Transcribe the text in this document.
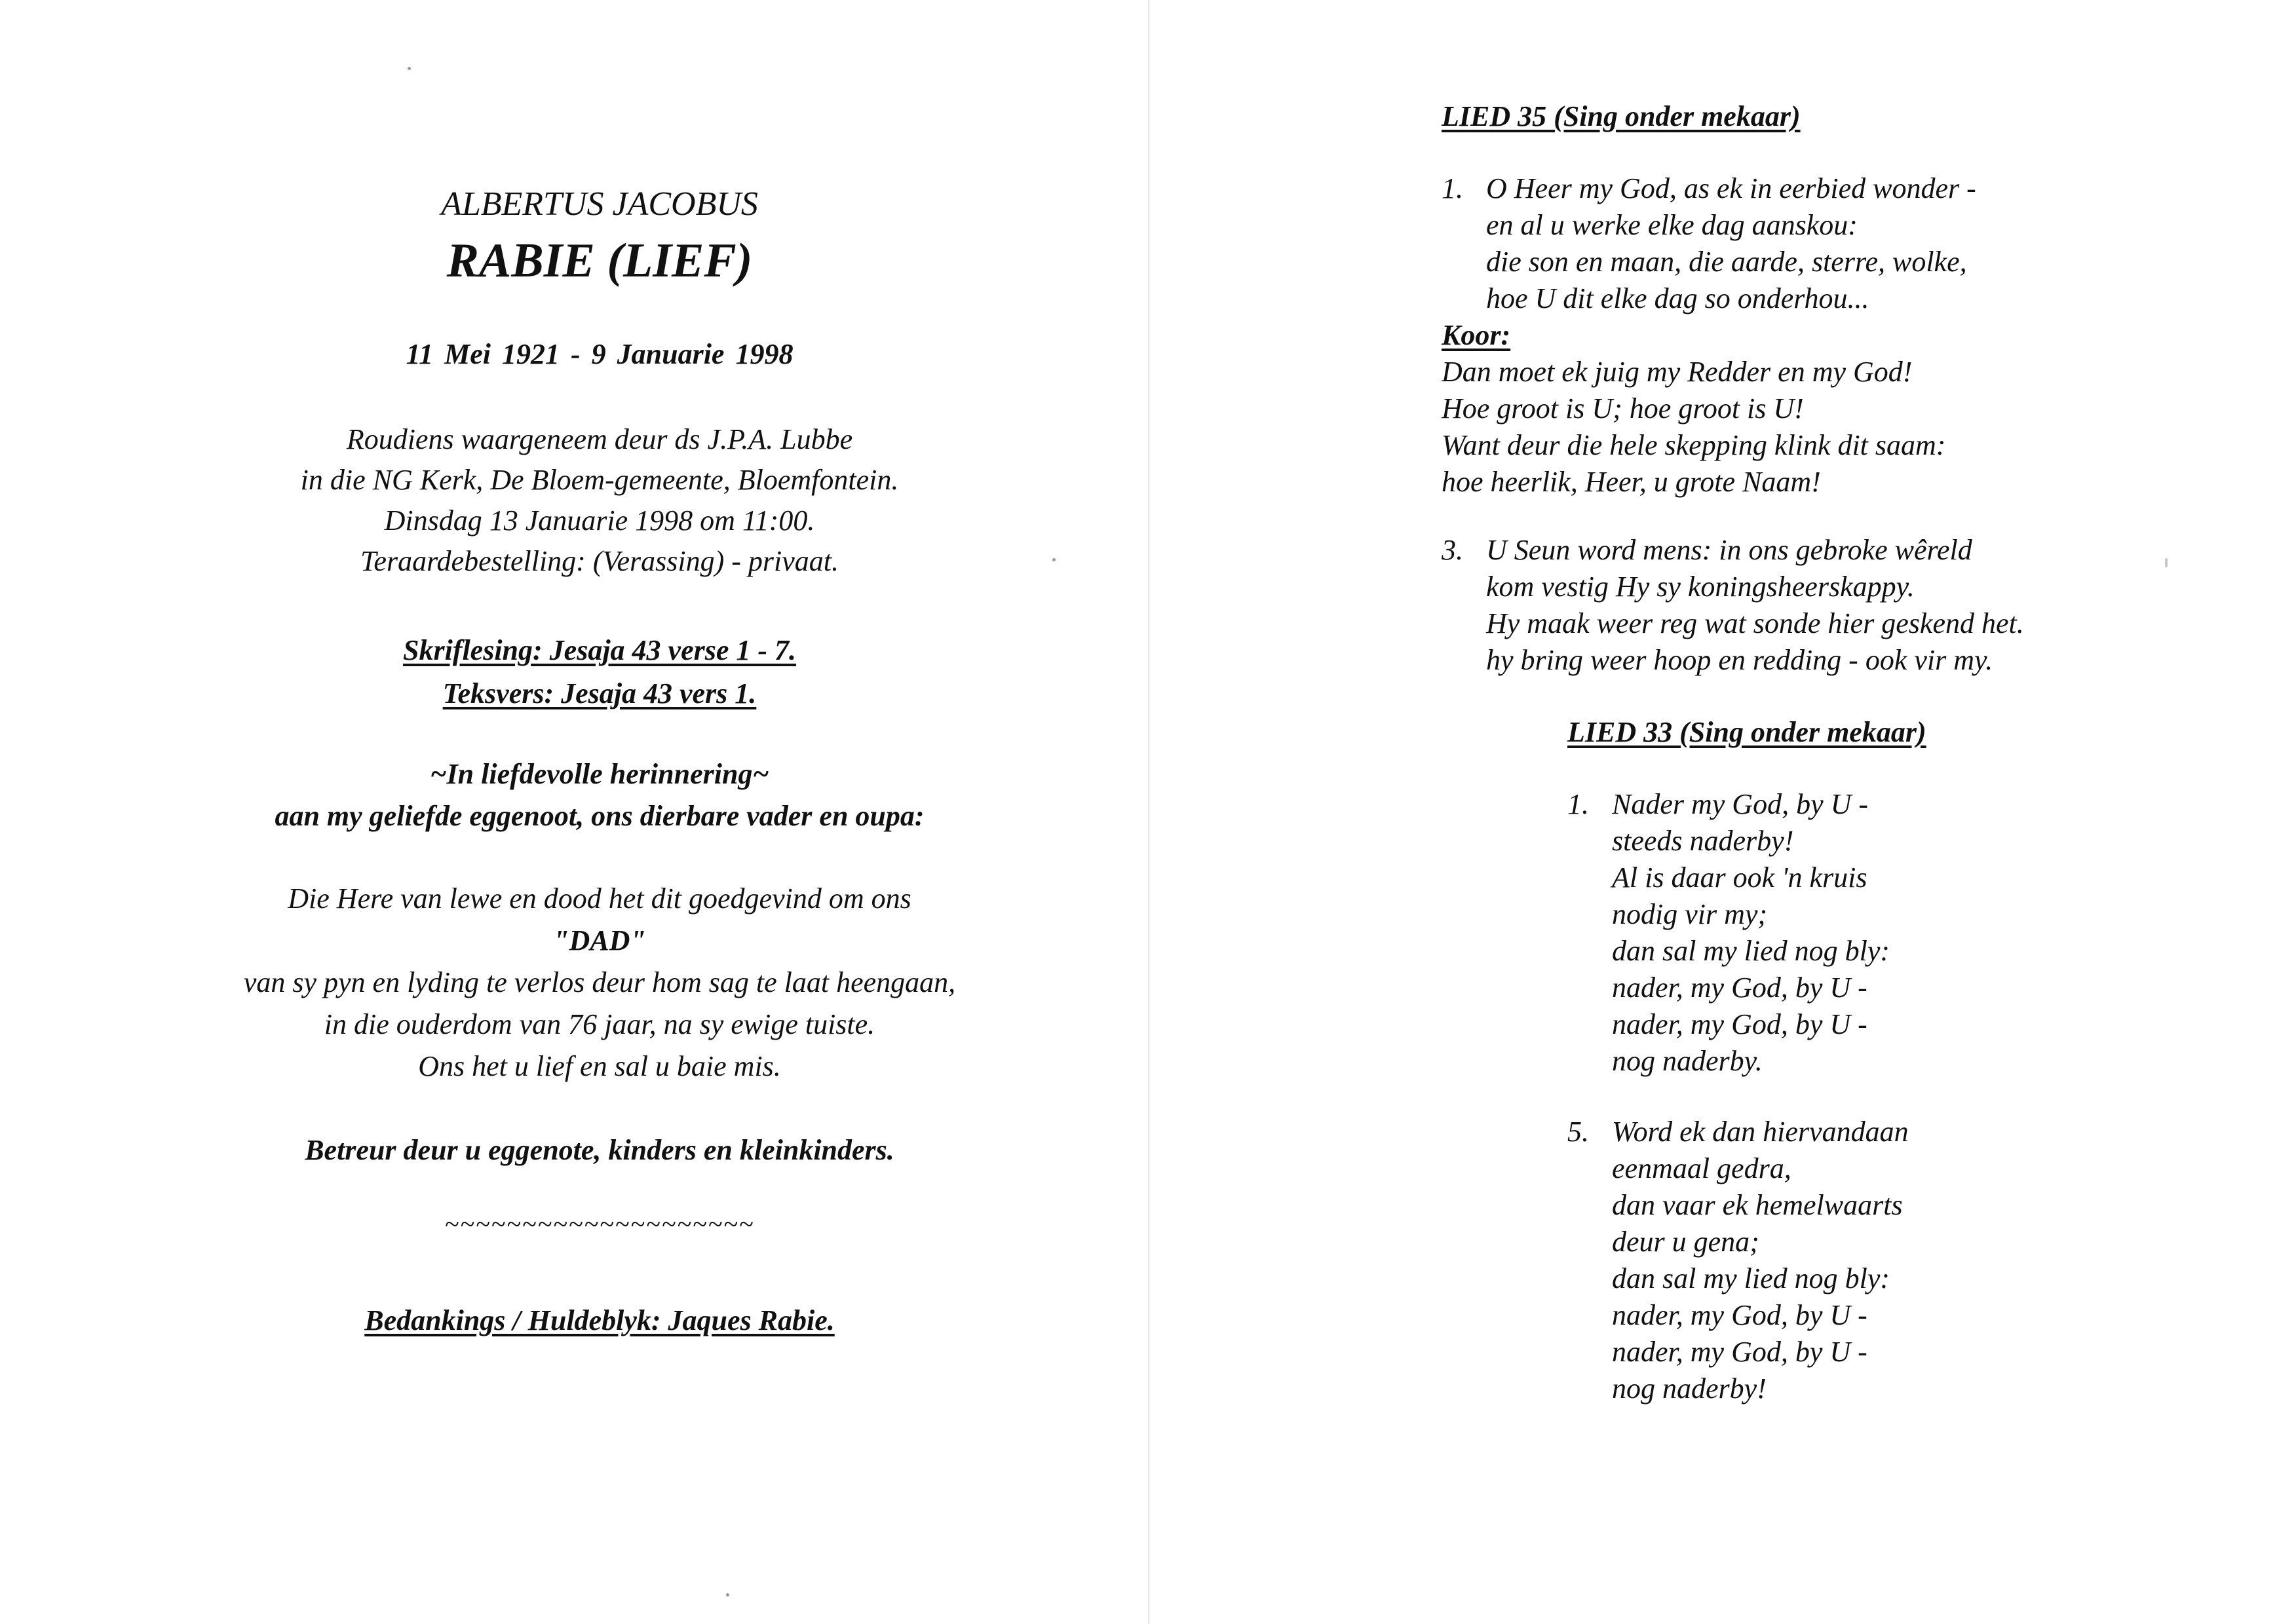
ALBERTUS JACOBUS
RABIE (LIEF)
11 Mei 1921 - 9 Januarie 1998
Roudiens waargeneem deur ds J.P.A. Lubbe
in die NG Kerk, De Bloem-gemeente, Bloemfontein.
Dinsdag 13 Januarie 1998 om 11:00.
Teraardebestelling: (Verassing) - privaat.
Skriflesing: Jesaja 43 verse 1 - 7.
Teksvers: Jesaja 43 vers 1.
~In liefdevolle herinnering~
aan my geliefde eggenoot, ons dierbare vader en oupa:
Die Here van lewe en dood het dit goedgevind om ons
"DAD"
van sy pyn en lyding te verlos deur hom sag te laat heengaan,
in die ouderdom van 76 jaar, na sy ewige tuiste.
Ons het u lief en sal u baie mis.
Betreur deur u eggenote, kinders en kleinkinders.
~~~~~~~~~~~~~~~~~~~~
Bedankings / Huldeblyk: Jaques Rabie.
LIED 35 (Sing onder mekaar)
1. O Heer my God, as ek in eerbied wonder -
en al u werke elke dag aanskou:
die son en maan, die aarde, sterre, wolke,
hoe U dit elke dag so onderhou...
Koor:
Dan moet ek juig my Redder en my God!
Hoe groot is U; hoe groot is U!
Want deur die hele skepping klink dit saam:
hoe heerlik, Heer, u grote Naam!
3. U Seun word mens: in ons gebroke wêreld
kom vestig Hy sy koningsheerskappy.
Hy maak weer reg wat sonde hier geskend het.
hy bring weer hoop en redding - ook vir my.
LIED 33 (Sing onder mekaar)
1. Nader my God, by U -
steeds naderby!
Al is daar ook 'n kruis
nodig vir my;
dan sal my lied nog bly:
nader, my God, by U -
nader, my God, by U -
nog naderby.
5. Word ek dan hiervandaan
eenmaal gedra,
dan vaar ek hemelwaarts
deur u gena;
dan sal my lied nog bly:
nader, my God, by U -
nader, my God, by U -
nog naderby!
